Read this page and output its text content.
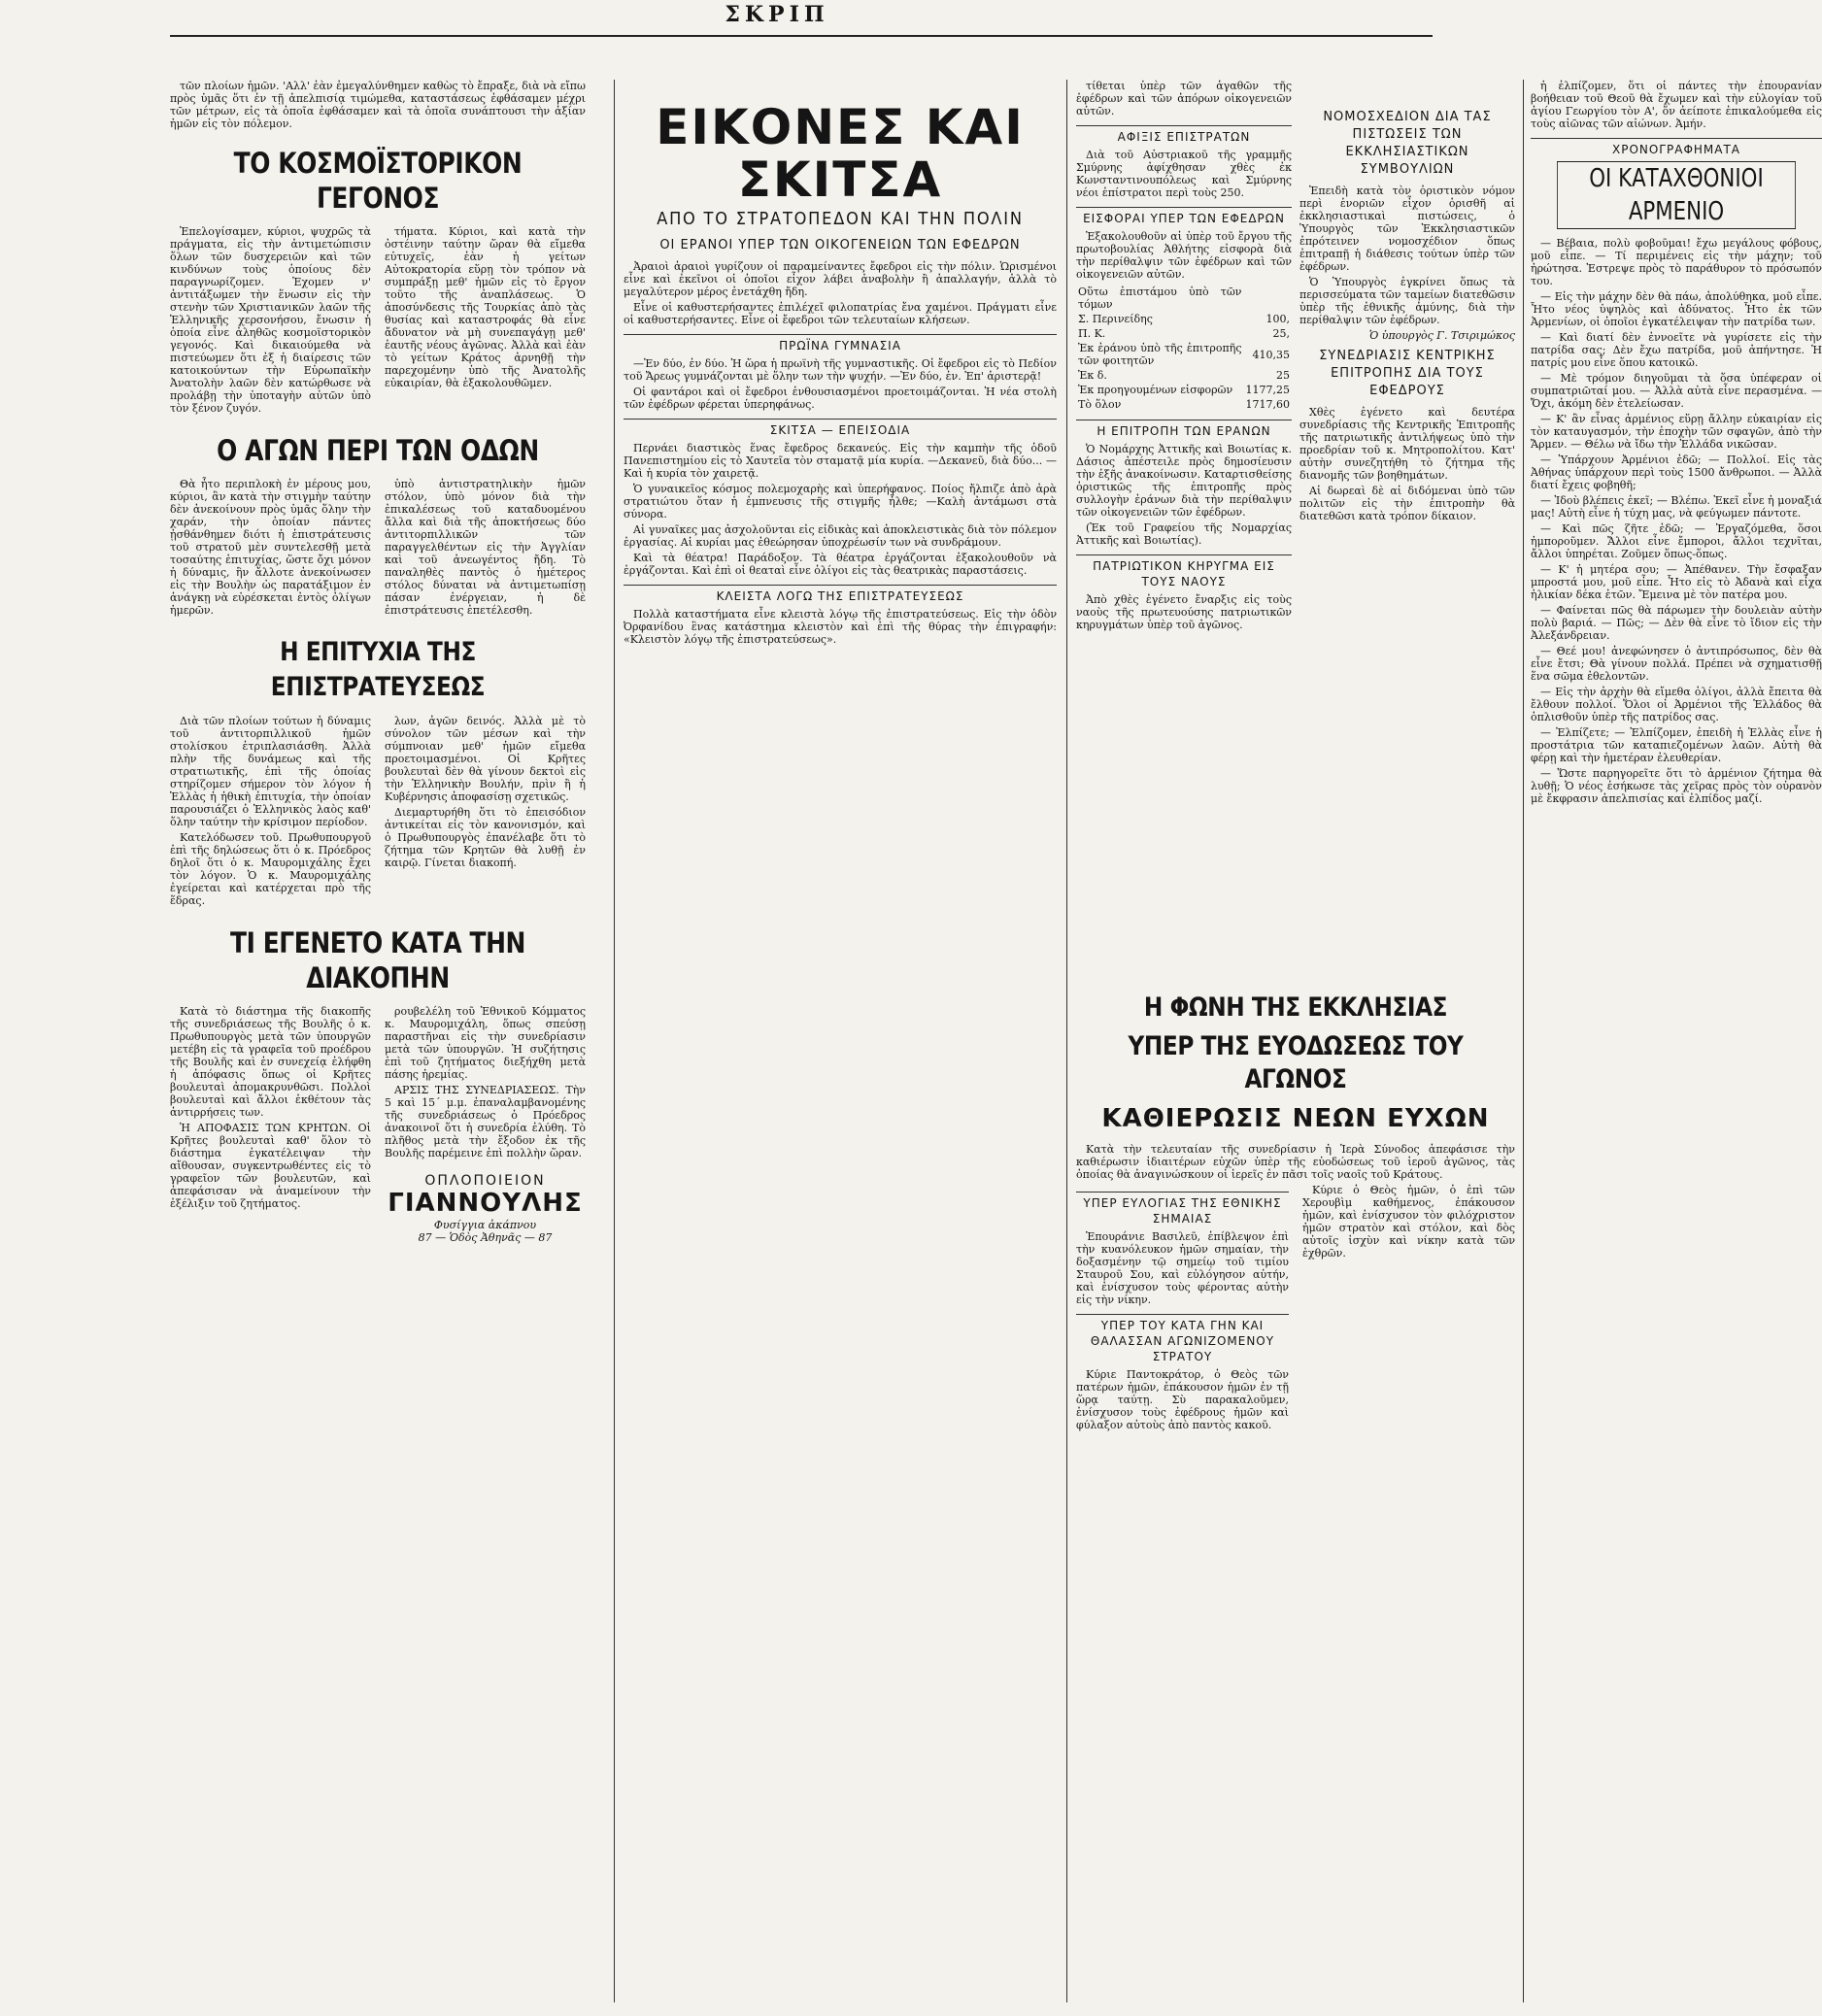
ΣΚΡΙΠ

τῶν πλοίων ἡμῶν. 'Αλλ' ἐὰν ἐμεγαλύνθημεν καθὼς τὸ ἔπραξε, διὰ νὰ εἴπω πρὸς ὑμᾶς ὅτι ἐν τῇ ἀπελπισίᾳ τιμώμεθα, καταστάσεως ἐφθάσαμεν μέχρι τῶν μέτρων, εἰς τὰ ὁποῖα ἐφθάσαμεν καὶ τὰ ὁποῖα συνάπτουσι τὴν ἀξίαν ἡμῶν εἰς τὸν πόλεμον.

ΤΟ ΚΟΣΜΟΪΣΤΟΡΙΚΟΝ ΓΕΓΟΝΟΣ

Ἐπελογίσαμεν, κύριοι, ψυχρῶς τὰ πράγματα, εἰς τὴν ἀντιμετώπισιν ὅλων τῶν δυσχερειῶν καὶ τῶν κινδύνων τοὺς ὁποίους δὲν παραγνωρίζομεν. Ἐχομεν ν' ἀντιτάξωμεν τὴν ἕνωσιν εἰς τὴν στενὴν τῶν Χριστιανικῶν λαῶν τῆς Ἑλληνικῆς χερσονήσου, ἔνωσιν ἡ ὁποία εἶνε ἀληθῶς κοσμοϊστορικὸν γεγονός. Καὶ δικαιούμεθα νὰ πιστεύωμεν ὅτι ἐξ ἡ διαίρεσις τῶν κατοικούντων τὴν Εὐρωπαϊκὴν Ἀνατολὴν λαῶν δὲν κατώρθωσε νὰ προλάβῃ τὴν ὑποταγὴν αὐτῶν ὑπὸ τὸν ξένον ζυγόν.

τήματα. Κύριοι, καὶ κατὰ τὴν ὀστέινην ταύτην ὥραν θὰ εἴμεθα εὐτυχεῖς, ἐὰν ἡ γείτων Αὐτοκρατορία εὕρῃ τὸν τρόπον νὰ συμπράξῃ μεθ' ἡμῶν εἰς τὸ ἔργον τοῦτο τῆς ἀναπλάσεως. Ὁ ἀποσύνδεσις τῆς Τουρκίας ἀπὸ τὰς θυσίας καὶ καταστροφάς θὰ εἶνε ἄδυνατον νὰ μὴ συνεπαγάγῃ μεθ' ἑαυτῆς νέους ἀγῶνας. Ἀλλὰ καὶ ἐὰν τὸ γείτων Κράτος ἀρνηθῇ τὴν παρεχομένην ὑπὸ τῆς Ἀνατολῆς εὐκαιρίαν, θὰ ἐξακολουθῶμεν.

Ο ΑΓΩΝ ΠΕΡΙ ΤΩΝ ΟΔΩΝ

Θὰ ἦτο περιπλοκὴ ἐν μέρους μου, κύριοι, ἂν κατὰ τὴν στιγμὴν ταύτην δὲν ἀνεκοίνουν πρὸς ὑμᾶς ὅλην τὴν χαράν, τὴν ὁποίαν πάντες ᾐσθάνθημεν διότι ἡ ἐπιστράτευσις τοῦ στρατοῦ μὲν συντελεσθῇ μετὰ τοσαύτης ἐπιτυχίας, ὥστε ὄχι μόνον ἡ δύναμις, ἣν ἄλλοτε ἀνεκοίνωσεν εἰς τὴν Βουλὴν ὡς παρατάξιμον ἐν ἀνάγκῃ νὰ εὑρέσκεται ἐντὸς ὀλίγων ἡμερῶν.

ὑπὸ ἀντιστρατηλικὴν ἡμῶν στόλον, ὑπὸ μόνον διὰ τὴν ἐπικαλέσεως τοῦ καταδυομένου ἄλλα καὶ διὰ τῆς ἀποκτήσεως δύο ἀντιτορπιλλικῶν τῶν παραγγελθέντων εἰς τὴν Ἀγγλίαν καὶ τοῦ ἀνεωγέντος ἤδη. Τὸ παναληθὲς παντὸς ὁ ἡμέτερος στόλος δύναται νὰ ἀντιμετωπίσῃ πάσαν ἐνέργειαν, ἡ δὲ ἐπιστράτευσις ἐπετέλεσθη.

Η ΕΠΙΤΥΧΙΑ ΤΗΣ ΕΠΙΣΤΡΑΤΕΥΣΕΩΣ

Διὰ τῶν πλοίων τούτων ἡ δύναμις τοῦ ἀντιτορπιλλικοῦ ἡμῶν στολίσκου ἐτριπλασιάσθη. Ἀλλὰ πλὴν τῆς δυνάμεως καὶ τῆς στρατιωτικῆς, ἐπὶ τῆς ὁποίας στηρίζομεν σήμερον τὸν λόγον ἡ Ἑλλὰς ἡ ἠθικὴ ἐπιτυχία, τὴν ὁποίαν παρουσιάζει ὁ Ἑλληνικὸς λαὸς καθ' ὅλην ταύτην τὴν κρίσιμον περίοδον.

Κατελόδωσεν τοῦ. Πρωθυπουργοῦ ἐπὶ τῆς δηλώσεως ὅτι ὁ κ. Πρόεδρος δηλοῖ ὅτι ὁ κ. Μαυρομιχάλης ἔχει τὸν λόγον. Ὁ κ. Μαυρομιχάλης ἐγείρεται καὶ κατέρχεται πρὸ τῆς ἕδρας.

λων, ἀγῶν δεινός. Ἀλλὰ μὲ τὸ σύνολον τῶν μέσων καὶ τὴν σύμπνοιαν μεθ' ἡμῶν εἴμεθα προετοιμασμένοι. Οἱ Κρῆτες βουλευταὶ δὲν θὰ γίνουν δεκτοὶ εἰς τὴν Ἑλληνικὴν Βουλήν, πρὶν ἢ ἡ Κυβέρνησις ἀποφασίσῃ σχετικῶς.

Διεμαρτυρήθη ὅτι τὸ ἐπεισόδιον ἀντικείται εἰς τὸν κανονισμόν, καὶ ὁ Πρωθυπουργὸς ἐπανέλαβε ὅτι τὸ ζήτημα τῶν Κρητῶν θὰ λυθῇ ἐν καιρῷ. Γίνεται διακοπή.

ΤΙ ΕΓΕΝΕΤΟ ΚΑΤΑ ΤΗΝ ΔΙΑΚΟΠΗΝ

Κατὰ τὸ διάστημα τῆς διακοπῆς τῆς συνεδριάσεως τῆς Βουλῆς ὁ κ. Πρωθυπουργὸς μετὰ τῶν ὑπουργῶν μετέβη εἰς τὰ γραφεῖα τοῦ προέδρου τῆς Βουλῆς καὶ ἐν συνεχείᾳ ἐλήφθη ἡ ἀπόφασις ὅπως οἱ Κρῆτες βουλευταὶ ἀπομακρυνθῶσι. Πολλοὶ βουλευταὶ καὶ ἄλλοι ἐκθέτουν τὰς ἀντιρρήσεις των.

Ἡ ΑΠΟΦΑΣΙΣ ΤΩΝ ΚΡΗΤΩΝ. Οἱ Κρῆτες βουλευταὶ καθ' ὅλον τὸ διάστημα ἐγκατέλειψαν τὴν αἴθουσαν, συγκεντρωθέντες εἰς τὸ γραφεῖον τῶν βουλευτῶν, καὶ ἀπεφάσισαν νὰ ἀναμείνουν τὴν ἐξέλιξιν τοῦ ζητήματος.

ρουβελέλη τοῦ Ἐθνικοῦ Κόμματος κ. Μαυρομιχάλη, ὅπως σπεύσῃ παραστῆναι εἰς τὴν συνεδρίασιν μετὰ τῶν ὑπουργῶν. Ἡ συζήτησις ἐπὶ τοῦ ζητήματος διεξήχθη μετὰ πάσης ἠρεμίας.

ΑΡΣΙΣ ΤΗΣ ΣΥΝΕΔΡΙΑΣΕΩΣ. Τὴν 5 καὶ 15΄ μ.μ. ἐπαναλαμβανομένης τῆς συνεδριάσεως ὁ Πρόεδρος ἀνακοινοῖ ὅτι ἡ συνεδρία ἐλύθη. Τὸ πλῆθος μετὰ τὴν ἔξοδον ἐκ τῆς Βουλῆς παρέμεινε ἐπὶ πολλὴν ὥραν.

ΟΠΛΟΠΟΙΕΙΟΝ
ΓΙΑΝΝΟΥΛΗΣ
Φυσίγγια ἀκάπνου
87 — Ὁδὸς Ἀθηνᾶς — 87
ΕΙΚΟΝΕΣ ΚΑΙ ΣΚΙΤΣΑ
ΑΠΟ ΤΟ ΣΤΡΑΤΟΠΕΔΟΝ ΚΑΙ ΤΗΝ ΠΟΛΙΝ
ΟΙ ΕΡΑΝΟΙ ΥΠΕΡ ΤΩΝ ΟΙΚΟΓΕΝΕΙΩΝ ΤΩΝ ΕΦΕΔΡΩΝ

Ἀραιοὶ ἀραιοὶ γυρίζουν οἱ παραμείναντες ἔφεδροι εἰς τὴν πόλιν. Ὡρισμένοι εἶνε καὶ ἐκεῖνοι οἱ ὁποῖοι εἶχον λάβει ἀναβολὴν ἢ ἀπαλλαγήν, ἀλλὰ τὸ μεγαλύτερον μέρος ἐνετάχθη ἤδη.

Εἶνε οἱ καθυστερήσαντες ἐπιλέχεῖ φιλοπατρίας ἔνα χαμένοι. Πράγματι εἶνε οἱ καθυστερήσαντες. Εἶνε οἱ ἔφεδροι τῶν τελευταίων κλήσεων.

ΠΡΩΪΝΑ ΓΥΜΝΑΣΙΑ

—Ἐν δύο, ἐν δύο. Ἡ ὥρα ἡ πρωϊνὴ τῆς γυμναστικῆς. Οἱ ἔφεδροι εἰς τὸ Πεδίον τοῦ Ἄρεως γυμνάζονται μὲ ὅλην των τὴν ψυχήν. —Ἐν δύο, ἐν. Ἐπ' ἀριστερᾷ!

Οἱ φαντάροι καὶ οἱ ἔφεδροι ἐνθουσιασμένοι προετοιμάζονται. Ἡ νέα στολὴ τῶν ἐφέδρων φέρεται ὑπερηφάνως.

ΣΚΙΤΣΑ — ΕΠΕΙΣΟΔΙΑ

Περνάει διαστικὸς ἕνας ἔφεδρος δεκανεύς. Εἰς τὴν καμπὴν τῆς ὁδοῦ Πανεπιστημίου εἰς τὸ Χαυτεῖα τὸν σταματᾷ μία κυρία. —Δεκανεῦ, διὰ δύο... —Καὶ ἡ κυρία τὸν χαιρετᾷ.

Ὁ γυναικεῖος κόσμος πολεμοχαρὴς καὶ ὑπερήφανος. Ποίος ἤλπιζε ἀπὸ ἀρὰ στρατιώτου ὅταν ἡ ἐμπνευσις τῆς στιγμῆς ἦλθε; —Καλὴ ἀντάμωσι στὰ σύνορα.

Αἱ γυναῖκες μας ἀσχολοῦνται εἰς εἰδικὰς καὶ ἀποκλειστικὰς διὰ τὸν πόλεμον ἐργασίας. Αἱ κυρίαι μας ἐθεώρησαν ὑποχρέωσίν των νὰ συνδράμουν.

Καὶ τὰ θέατρα! Παράδοξον. Τὰ θέατρα ἐργάζονται ἐξακολουθοῦν νὰ ἐργάζονται. Καὶ ἐπὶ οἱ θεαταὶ εἶνε ὀλίγοι εἰς τὰς θεατρικὰς παραστάσεις.

ΚΛΕΙΣΤΑ ΛΟΓΩ ΤΗΣ ΕΠΙΣΤΡΑΤΕΥΣΕΩΣ

Πολλὰ καταστήματα εἶνε κλειστὰ λόγῳ τῆς ἐπιστρατεύσεως. Εἰς τὴν ὁδὸν Ὀρφανίδου ἓνας κατάστημα κλειστὸν καὶ ἐπὶ τῆς θύρας τὴν ἐπιγραφήν: «Κλειστὸν λόγῳ τῆς ἐπιστρατεύσεως».

τίθεται ὑπὲρ τῶν ἀγαθῶν τῆς ἐφέδρων καὶ τῶν ἀπόρων οἰκογενειῶν αὐτῶν.

ΑΦΙΞΙΣ ΕΠΙΣΤΡΑΤΩΝ

Διὰ τοῦ Αὐστριακοῦ τῆς γραμμῆς Σμύρνης ἀφίχθησαν χθὲς ἐκ Κωνσταντινουπόλεως καὶ Σμύρνης νέοι ἐπίστρατοι περὶ τοὺς 250.

ΕΙΣΦΟΡΑΙ ΥΠΕΡ ΤΩΝ ΕΦΕΔΡΩΝ

Ἐξακολουθοῦν αἱ ὑπὲρ τοῦ ἔργου τῆς πρωτοβουλίας Ἀθλήτης εἰσφορὰ διὰ τὴν περίθαλψιν τῶν ἐφέδρων καὶ τῶν οἰκογενειῶν αὐτῶν.

Οὕτω ἐπιστάμου ὑπὸ τῶν τόμων	
Σ. Περινείδης	100,
Π. Κ.	25,
Ἐκ ἐράνου ὑπὸ τῆς ἐπιτροπῆς τῶν φοιτητῶν	410,35
Ἐκ δ.	25
Ἐκ προηγουμένων εἰσφορῶν	1177,25
Τὸ ὅλον	1717,60
Η ΕΠΙΤΡΟΠΗ ΤΩΝ ΕΡΑΝΩΝ

Ὁ Νομάρχης Ἀττικῆς καὶ Βοιωτίας κ. Δάσιος ἀπέστειλε πρὸς δημοσίευσιν τὴν ἑξῆς ἀνακοίνωσιν. Καταρτισθείσης ὁριστικῶς τῆς ἐπιτροπῆς πρὸς συλλογὴν ἐράνων διὰ τὴν περίθαλψιν τῶν οἰκογενειῶν τῶν ἐφέδρων.

(Ἐκ τοῦ Γραφείου τῆς Νομαρχίας Ἀττικῆς καὶ Βοιωτίας).

ΠΑΤΡΙΩΤΙΚΟΝ ΚΗΡΥΓΜΑ ΕΙΣ ΤΟΥΣ ΝΑΟΥΣ

Ἀπὸ χθὲς ἐγένετο ἔναρξις εἰς τοὺς ναοὺς τῆς πρωτευούσης πατριωτικῶν κηρυγμάτων ὑπὲρ τοῦ ἀγῶνος.

ΝΟΜΟΣΧΕΔΙΟΝ ΔΙΑ ΤΑΣ ΠΙΣΤΩΣΕΙΣ ΤΩΝ ΕΚΚΛΗΣΙΑΣΤΙΚΩΝ ΣΥΜΒΟΥΛΙΩΝ

Ἐπειδὴ κατὰ τὸν ὁριστικὸν νόμον περὶ ἐνοριῶν εἶχον ὁρισθῆ αἱ ἐκκλησιαστικαὶ πιστώσεις, ὁ Ὑπουργὸς τῶν Ἐκκλησιαστικῶν ἐπρότεινεν νομοσχέδιον ὅπως ἐπιτραπῇ ἡ διάθεσις τούτων ὑπὲρ τῶν ἐφέδρων.

Ὁ Ὑπουργὸς ἐγκρίνει ὅπως τὰ περισσεύματα τῶν ταμείων διατεθῶσιν ὑπὲρ τῆς ἐθνικῆς ἀμύνης, διὰ τὴν περίθαλψιν τῶν ἐφέδρων.

Ὁ ὑπουργὸς Γ. Τσιριμώκος
ΣΥΝΕΔΡΙΑΣΙΣ ΚΕΝΤΡΙΚΗΣ ΕΠΙΤΡΟΠΗΣ ΔΙΑ ΤΟΥΣ ΕΦΕΔΡΟΥΣ

Χθὲς ἐγένετο καὶ δευτέρα συνεδρίασις τῆς Κεντρικῆς Ἐπιτροπῆς τῆς πατριωτικῆς ἀντιλήψεως ὑπὸ τὴν προεδρίαν τοῦ κ. Μητροπολίτου. Κατ' αὐτὴν συνεζητήθη τὸ ζήτημα τῆς διανομῆς τῶν βοηθημάτων.

Αἱ δωρεαὶ δὲ αἱ διδόμεναι ὑπὸ τῶν πολιτῶν εἰς τὴν ἐπιτροπὴν θὰ διατεθῶσι κατὰ τρόπον δίκαιον.

Η ΦΩΝΗ ΤΗΣ ΕΚΚΛΗΣΙΑΣ
ΥΠΕΡ ΤΗΣ ΕΥΟΔΩΣΕΩΣ ΤΟΥ ΑΓΩΝΟΣ
ΚΑΘΙΕΡΩΣΙΣ ΝΕΩΝ ΕΥΧΩΝ

Κατὰ τὴν τελευταίαν τῆς συνεδρίασιν ἡ Ἱερὰ Σύνοδος ἀπεφάσισε τὴν καθιέρωσιν ἰδιαιτέρων εὐχῶν ὑπὲρ τῆς εὐοδώσεως τοῦ ἱεροῦ ἀγῶνος, τὰς ὁποίας θὰ ἀναγινώσκουν οἱ ἱερεῖς ἐν πᾶσι τοῖς ναοῖς τοῦ Κράτους.

ΥΠΕΡ ΕΥΛΟΓΙΑΣ ΤΗΣ ΕΘΝΙΚΗΣ ΣΗΜΑΙΑΣ

Ἐπουράνιε Βασιλεῦ, ἐπίβλεψον ἐπὶ τὴν κυανόλευκον ἡμῶν σημαίαν, τὴν δοξασμένην τῷ σημείῳ τοῦ τιμίου Σταυροῦ Σου, καὶ εὐλόγησον αὐτήν, καὶ ἐνίσχυσον τοὺς φέροντας αὐτὴν εἰς τὴν νίκην.

ΥΠΕΡ ΤΟΥ ΚΑΤΑ ΓΗΝ ΚΑΙ ΘΑΛΑΣΣΑΝ ΑΓΩΝΙΖΟΜΕΝΟΥ ΣΤΡΑΤΟΥ

Κύριε Παντοκράτορ, ὁ Θεὸς τῶν πατέρων ἡμῶν, ἐπάκουσον ἡμῶν ἐν τῇ ὥρᾳ ταύτῃ. Σὺ παρακαλοῦμεν, ἐνίσχυσον τοὺς ἐφέδρους ἡμῶν καὶ φύλαξον αὐτοὺς ἀπὸ παντὸς κακοῦ.

Κύριε ὁ Θεὸς ἡμῶν, ὁ ἐπὶ τῶν Χερουβὶμ καθήμενος, ἐπάκουσον ἡμῶν, καὶ ἐνίσχυσον τὸν φιλόχριστον ἡμῶν στρατὸν καὶ στόλον, καὶ δὸς αὐτοῖς ἰσχὺν καὶ νίκην κατὰ τῶν ἐχθρῶν.

ἡ ἐλπίζομεν, ὅτι οἱ πάντες τὴν ἐπουρανίαν βοήθειαν τοῦ Θεοῦ θὰ ἔχωμεν καὶ τὴν εὐλογίαν τοῦ ἁγίου Γεωργίου τὸν Α', ὅν ἀείποτε ἐπικαλούμεθα εἰς τοὺς αἰῶνας τῶν αἰώνων. Ἀμήν.

ΧΡΟΝΟΓΡΑΦΗΜΑΤΑ
ΟΙ ΚΑΤΑΧΘΟΝΙΟΙ ΑΡΜΕΝΙΟ

— Βέβαια, πολὺ φοβοῦμαι! ἔχω μεγάλους φόβους, μοῦ εἶπε. — Τί περιμένεις εἰς τὴν μάχην; τοῦ ἠρώτησα. Ἐστρεψε πρὸς τὸ παράθυρον τὸ πρόσωπόν του.

— Εἰς τὴν μάχην δὲν θὰ πάω, ἀπολύθηκα, μοῦ εἶπε. Ἦτο νέος ὑψηλὸς καὶ ἀδύνατος. Ἦτο ἐκ τῶν Ἀρμενίων, οἱ ὁποῖοι ἐγκατέλειψαν τὴν πατρίδα των.

— Καὶ διατί δὲν ἐννοεῖτε νὰ γυρίσετε εἰς τὴν πατρίδα σας; Δὲν ἔχω πατρίδα, μοῦ ἀπήντησε. Ἡ πατρίς μου εἶνε ὅπου κατοικῶ.

— Μὲ τρόμον διηγοῦμαι τὰ ὅσα ὑπέφεραν οἱ συμπατριῶταί μου. — Ἀλλὰ αὐτὰ εἶνε περασμένα. — Ὄχι, ἀκόμη δὲν ἐτελείωσαν.

— Κ' ἂν εἶνας ἀρμένιος εὕρῃ ἄλλην εὐκαιρίαν εἰς τὸν καταυγασμόν, τὴν ἐποχὴν τῶν σφαγῶν, ἀπὸ τὴν Ἄρμεν. — Θέλω νὰ ἴδω τὴν Ἑλλάδα νικῶσαν.

— Ὑπάρχουν Ἀρμένιοι ἐδῶ; — Πολλοί. Εἰς τὰς Ἀθήνας ὑπάρχουν περὶ τοὺς 1500 ἄνθρωποι. — Ἀλλὰ διατί ἔχεις φοβηθῆ;

— Ἰδοὺ βλέπεις ἐκεῖ; — Βλέπω. Ἐκεῖ εἶνε ἡ μοναξιά μας! Αὐτὴ εἶνε ἡ τύχη μας, νὰ φεύγωμεν πάντοτε.

— Καὶ πῶς ζῆτε ἐδῶ; — Ἐργαζόμεθα, ὅσοι ἠμποροῦμεν. Ἄλλοι εἶνε ἔμποροι, ἄλλοι τεχνῖται, ἄλλοι ὑπηρέται. Ζοῦμεν ὅπως-ὅπως.

— Κ' ἡ μητέρα σου; — Ἀπέθανεν. Τὴν ἔσφαξαν μπροστά μου, μοῦ εἶπε. Ἦτο εἰς τὸ Ἀδανὰ καὶ εἶχα ἡλικίαν δέκα ἐτῶν. Ἔμεινα μὲ τὸν πατέρα μου.

— Φαίνεται πῶς θὰ πάρωμεν τὴν δουλειὰν αὐτὴν πολὺ βαριά. — Πῶς; — Δὲν θὰ εἶνε τὸ ἴδιον εἰς τὴν Ἀλεξάνδρειαν.

— Θεέ μου! ἀνεφώνησεν ὁ ἀντιπρόσωπος, δὲν θὰ εἶνε ἔτσι; Θὰ γίνουν πολλά. Πρέπει νὰ σχηματισθῇ ἕνα σῶμα ἐθελοντῶν.

— Εἰς τὴν ἀρχὴν θὰ εἴμεθα ὀλίγοι, ἀλλὰ ἔπειτα θὰ ἔλθουν πολλοί. Ὅλοι οἱ Ἀρμένιοι τῆς Ἑλλάδος θὰ ὁπλισθοῦν ὑπὲρ τῆς πατρίδος σας.

— Ἐλπίζετε; — Ἐλπίζομεν, ἐπειδὴ ἡ Ἑλλὰς εἶνε ἡ προστάτρια τῶν καταπιεζομένων λαῶν. Αὐτὴ θὰ φέρῃ καὶ τὴν ἡμετέραν ἐλευθερίαν.

— Ὥστε παρηγορεῖτε ὅτι τὸ ἀρμένιον ζήτημα θὰ λυθῇ; Ὁ νέος ἐσήκωσε τὰς χεῖρας πρὸς τὸν οὐρανὸν μὲ ἔκφρασιν ἀπελπισίας καὶ ἐλπίδος μαζί.
